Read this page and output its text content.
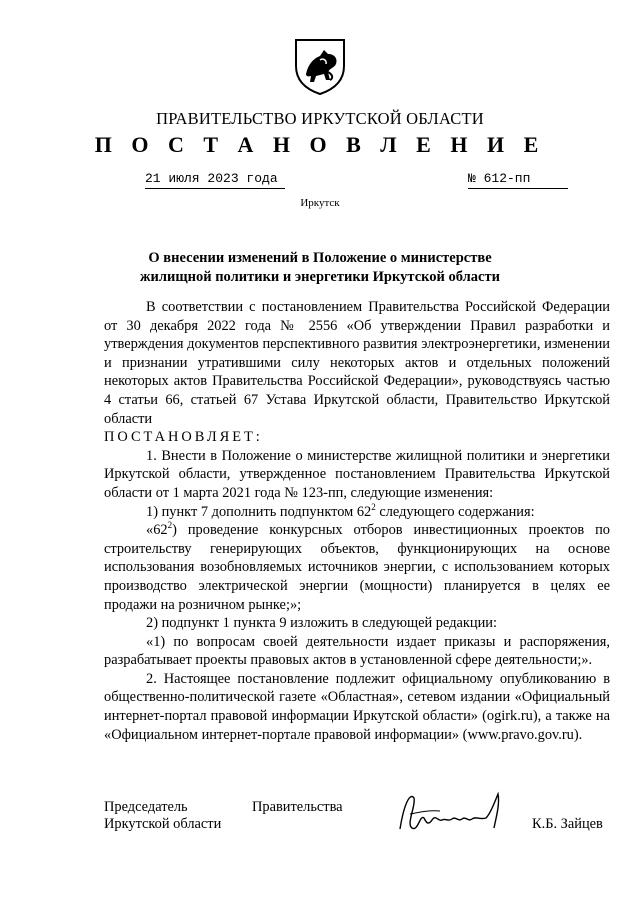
ПРАВИТЕЛЬСТВО ИРКУТСКОЙ ОБЛАСТИ
П О С Т А Н О В Л Е Н И Е
21 июля 2023 года	№ 612-пп
Иркутск
О внесении изменений в Положение о министерстве жилищной политики и энергетики Иркутской области

В соответствии с постановлением Правительства Российской Федерации от 30 декабря 2022 года № 2556 «Об утверждении Правил разработки и утверждения документов перспективного развития электроэнергетики, изменении и признании утратившими силу некоторых актов и отдельных положений некоторых актов Правительства Российской Федерации», руководствуясь частью 4 статьи 66, статьей 67 Устава Иркутской области, Правительство Иркутской области

ПОСТАНОВЛЯЕТ:

1. Внести в Положение о министерстве жилищной политики и энергетики Иркутской области, утвержденное постановлением Правительства Иркутской области от 1 марта 2021 года № 123-пп, следующие изменения:

1) пункт 7 дополнить подпунктом $62^2$ следующего содержания:

«$62^2$) проведение конкурсных отборов инвестиционных проектов по строительству генерирующих объектов, функционирующих на основе использования возобновляемых источников энергии, с использованием которых производство электрической энергии (мощности) планируется в целях ее продажи на розничном рынке;»;

2) подпункт 1 пункта 9 изложить в следующей редакции:

«1) по вопросам своей деятельности издает приказы и распоряжения, разрабатывает проекты правовых актов в установленной сфере деятельности;».

2. Настоящее постановление подлежит официальному опубликованию в общественно-политической газете «Областная», сетевом издании «Официальный интернет-портал правовой информации Иркутской области» (ogirk.ru), а также на «Официальном интернет-портале правовой информации» (www.pravo.gov.ru).

Председатель
Иркутской области
Правительства
К.Б. Зайцев
